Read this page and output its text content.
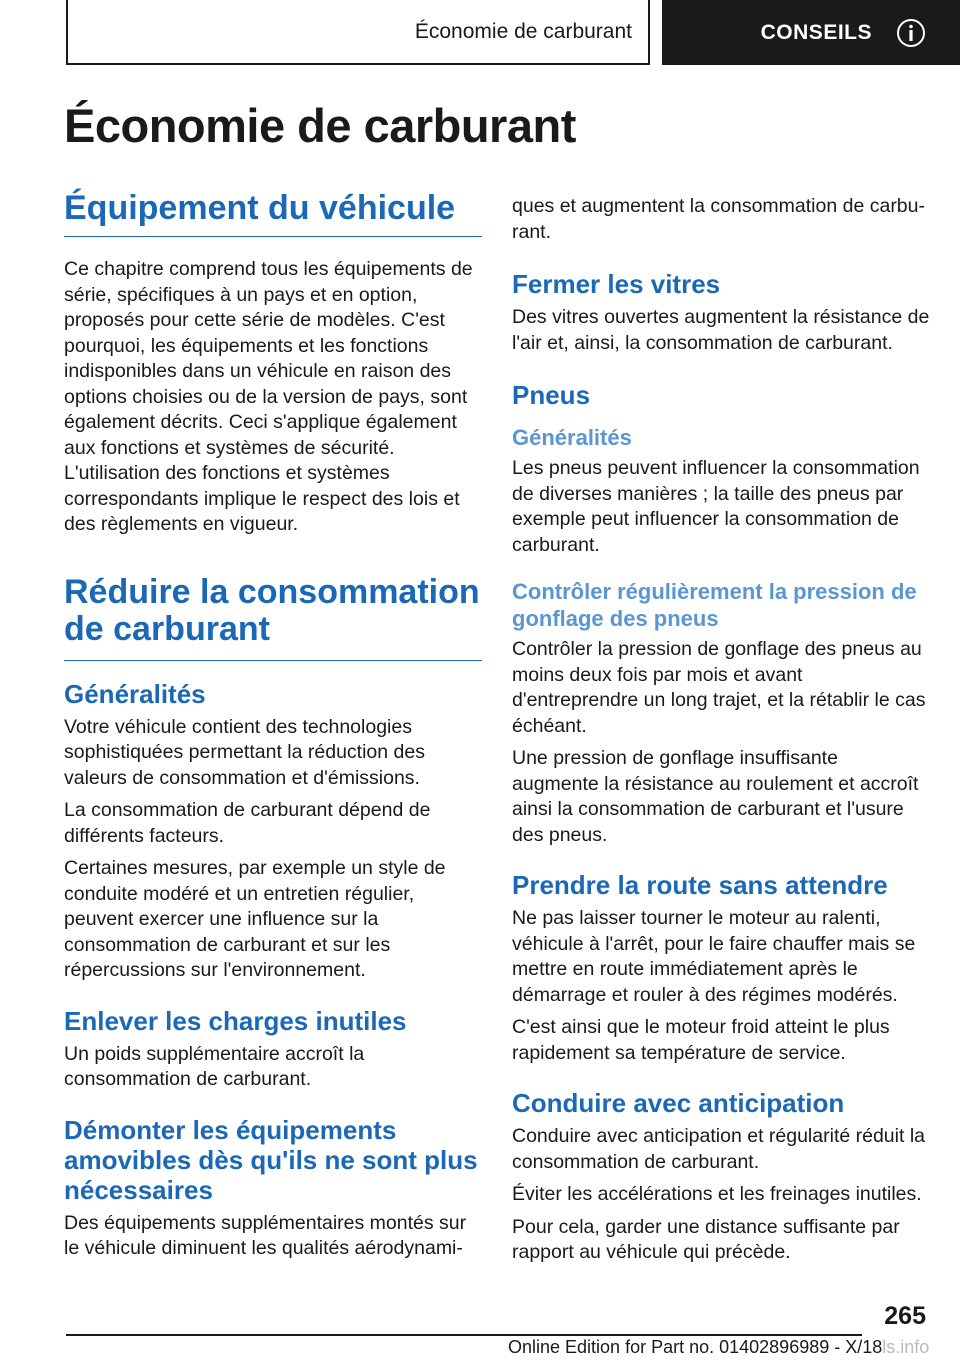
Économie de carburant	CONSEILS
Économie de carburant
Équipement du véhicule

Ce chapitre comprend tous les équipements de série, spécifiques à un pays et en option, proposés pour cette série de modèles. C'est pourquoi, les équipements et les fonctions indisponibles dans un véhicule en raison des options choisies ou de la version de pays, sont également décrits. Ceci s'applique également aux fonctions et systèmes de sécurité. L'utilisation des fonctions et systèmes correspondants implique le respect des lois et des règlements en vigueur.

Réduire la consommation de carburant
Généralités

Votre véhicule contient des technologies sophistiquées permettant la réduction des valeurs de consommation et d'émissions.

La consommation de carburant dépend de différents facteurs.

Certaines mesures, par exemple un style de conduite modéré et un entretien régulier, peuvent exercer une influence sur la consommation de carburant et sur les répercussions sur l'environnement.

Enlever les charges inutiles

Un poids supplémentaire accroît la consommation de carburant.

Démonter les équipements amovibles dès qu'ils ne sont plus nécessaires

Des équipements supplémentaires montés sur le véhicule diminuent les qualités aérodynami-

ques et augmentent la consommation de carburant.

Fermer les vitres

Des vitres ouvertes augmentent la résistance de l'air et, ainsi, la consommation de carburant.

Pneus
Généralités

Les pneus peuvent influencer la consommation de diverses manières ; la taille des pneus par exemple peut influencer la consommation de carburant.

Contrôler régulièrement la pression de gonflage des pneus

Contrôler la pression de gonflage des pneus au moins deux fois par mois et avant d'entreprendre un long trajet, et la rétablir le cas échéant.

Une pression de gonflage insuffisante augmente la résistance au roulement et accroît ainsi la consommation de carburant et l'usure des pneus.

Prendre la route sans attendre

Ne pas laisser tourner le moteur au ralenti, véhicule à l'arrêt, pour le faire chauffer mais se mettre en route immédiatement après le démarrage et rouler à des régimes modérés.

C'est ainsi que le moteur froid atteint le plus rapidement sa température de service.

Conduire avec anticipation

Conduire avec anticipation et régularité réduit la consommation de carburant.

Éviter les accélérations et les freinages inutiles.

Pour cela, garder une distance suffisante par rapport au véhicule qui précède.

265
Online Edition for Part no. 01402896989 - X/18ls.info
